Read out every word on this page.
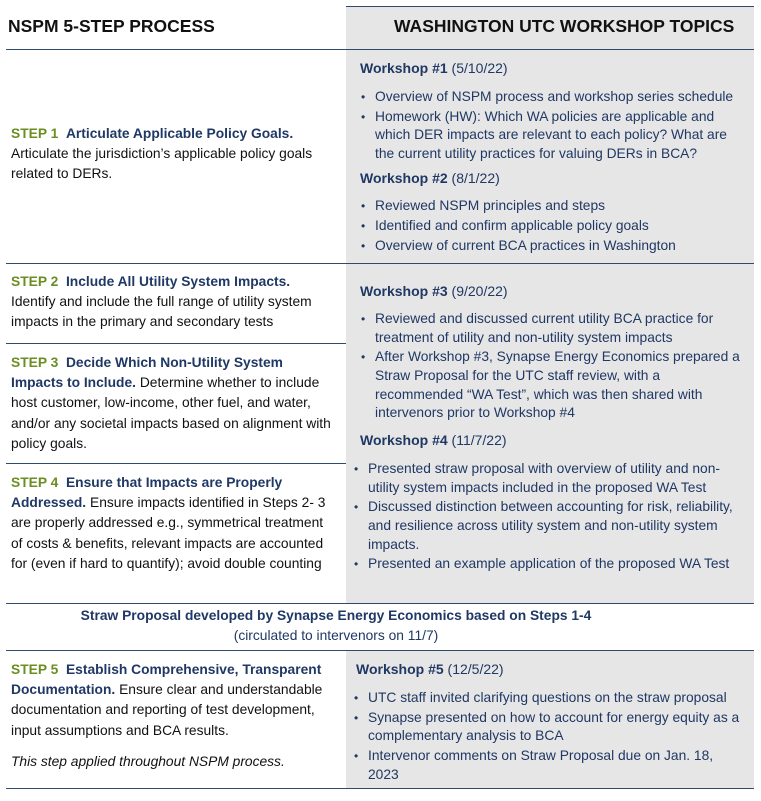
NSPM 5-STEP PROCESS	WASHINGTON UTC WORKSHOP TOPICS
STEP 1 Articulate Applicable Policy Goals.
Articulate the jurisdiction’s applicable policy goals related to DERs.
STEP 2 Include All Utility System Impacts. Identify and include the full range of utility system impacts in the primary and secondary tests
STEP 3 Decide Which Non-Utility System Impacts to Include. Determine whether to include host customer, low-income, other fuel, and water, and/or any societal impacts based on alignment with policy goals.
STEP 4 Ensure that Impacts are Properly Addressed. Ensure impacts identified in Steps 2- 3 are properly addressed e.g., symmetrical treatment of costs & benefits, relevant impacts are accounted for (even if hard to quantify); avoid double counting
Straw Proposal developed by Synapse Energy Economics based on Steps 1-4
(circulated to intervenors on 11/7)
STEP 5 Establish Comprehensive, Transparent Documentation. Ensure clear and understandable documentation and reporting of test development, input assumptions and BCA results.
This step applied throughout NSPM process.
Workshop #1 (5/10/22)
• Overview of NSPM process and workshop series schedule
• Homework (HW): Which WA policies are applicable and which DER impacts are relevant to each policy? What are the current utility practices for valuing DERs in BCA?
Workshop #2 (8/1/22)
• Reviewed NSPM principles and steps
• Identified and confirm applicable policy goals
• Overview of current BCA practices in Washington
Workshop #3 (9/20/22)
• Reviewed and discussed current utility BCA practice for treatment of utility and non-utility system impacts
• After Workshop #3, Synapse Energy Economics prepared a Straw Proposal for the UTC staff review, with a recommended “WA Test”, which was then shared with intervenors prior to Workshop #4
Workshop #4 (11/7/22)
• Presented straw proposal with overview of utility and non-utility system impacts included in the proposed WA Test
• Discussed distinction between accounting for risk, reliability, and resilience across utility system and non-utility system impacts.
• Presented an example application of the proposed WA Test
Workshop #5 (12/5/22)
• UTC staff invited clarifying questions on the straw proposal
• Synapse presented on how to account for energy equity as a complementary analysis to BCA
• Intervenor comments on Straw Proposal due on Jan. 18, 2023
